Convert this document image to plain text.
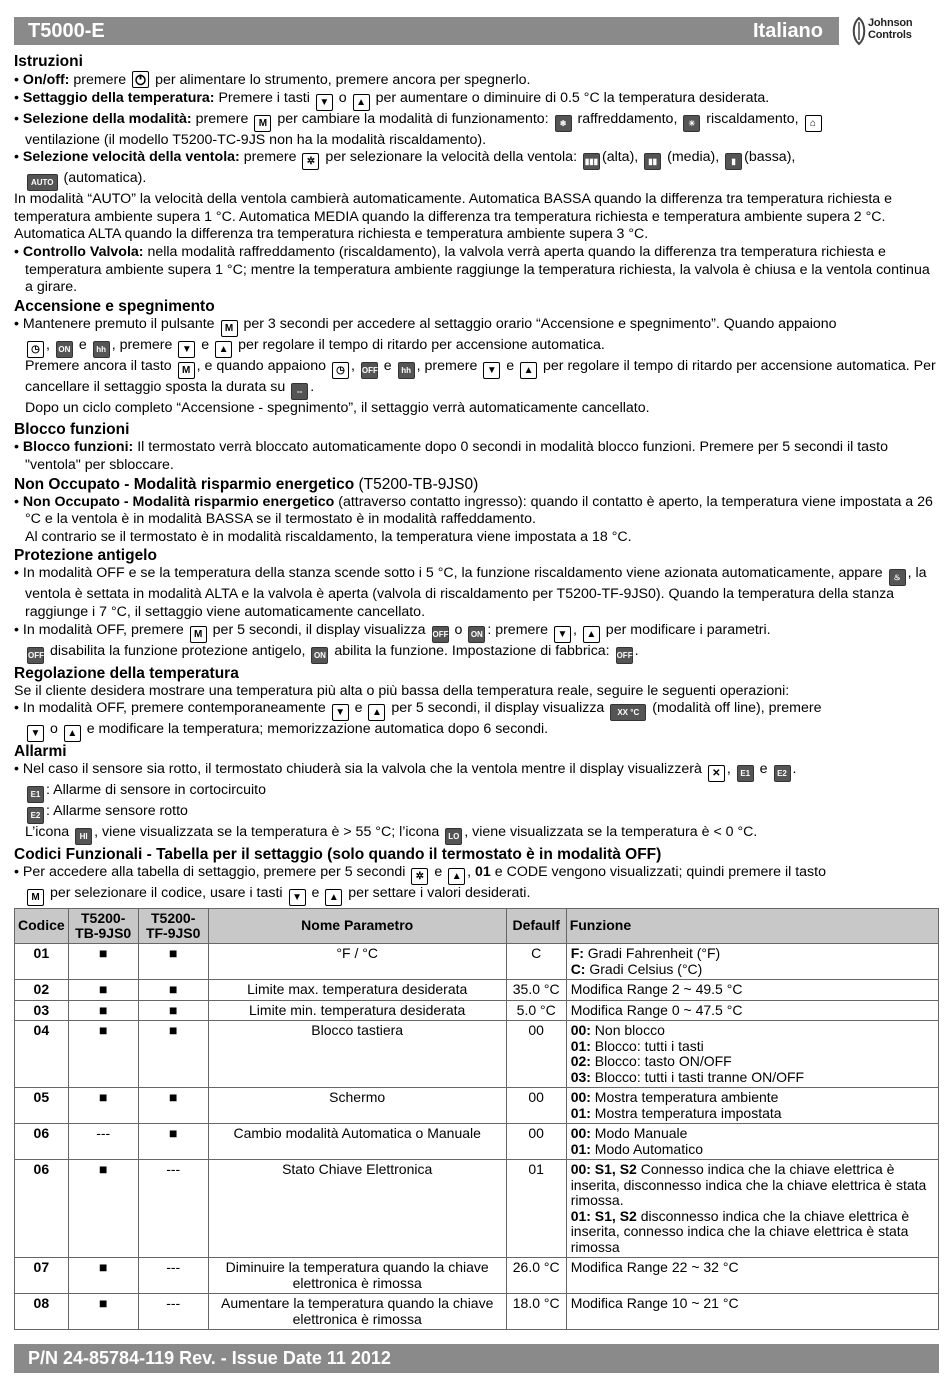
T5000-E	Italiano	Johnson
Controls
Istruzioni

• On/off: premere  per alimentare lo strumento, premere ancora per spegnerlo.

• Settaggio della temperatura: Premere i tasti ▼ o ▲ per aumentare o diminuire di 0.5 °C la temperatura desiderata.

• Selezione della modalità: premere M per cambiare la modalità di funzionamento: ❄ raffreddamento, ☀ riscaldamento, ⌂
ventilazione (il modello T5200-TC-9JS non ha la modalità riscaldamento).

• Selezione velocità della ventola: premere ✲ per selezionare la velocità della ventola: ▮▮▮ (alta), ▮▮ (media), ▮ (bassa),
AUTO (automatica).

In modalità “AUTO” la velocità della ventola cambierà automaticamente. Automatica BASSA quando la differenza tra temperatura richiesta e temperatura ambiente supera 1 °C. Automatica MEDIA quando la differenza tra temperatura richiesta e temperatura ambiente supera 2 °C. Automatica ALTA quando la differenza tra temperatura richiesta e temperatura ambiente supera 3 °C.

• Controllo Valvola: nella modalità raffreddamento (riscaldamento), la valvola verrà aperta quando la differenza tra temperatura richiesta e temperatura ambiente supera 1 °C; mentre la temperatura ambiente raggiunge la temperatura richiesta, la valvola è chiusa e la ventola continua a girare.

Accensione e spegnimento

• Mantenere premuto il pulsante M per 3 secondi per accedere al settaggio orario “Accensione e spegnimento”. Quando appaiono
◷ , ON e hh , premere ▼ e ▲ per regolare il tempo di ritardo per accensione automatica.

Premere ancora il tasto M , e quando appaiono ◷ , OFF e hh , premere ▼ e ▲ per regolare il tempo di ritardo per accensione automatica. Per cancellare il settaggio sposta la durata su -- .

Dopo un ciclo completo “Accensione - spegnimento”, il settaggio verrà automaticamente cancellato.

Blocco funzioni

• Blocco funzioni: Il termostato verrà bloccato automaticamente dopo 0 secondi in modalità blocco funzioni. Premere per 5 secondi il tasto "ventola" per sbloccare.

Non Occupato - Modalità risparmio energetico (T5200-TB-9JS0)

• Non Occupato - Modalità risparmio energetico (attraverso contatto ingresso): quando il contatto è aperto, la temperatura viene impostata a 26 °C e la ventola è in modalità BASSA se il termostato è in modalità raffeddamento.

Al contrario se il termostato è in modalità riscaldamento, la temperatura viene impostata a 18 °C.

Protezione antigelo

• In modalità OFF e se la temperatura della stanza scende sotto i 5 °C, la funzione riscaldamento viene azionata automaticamente, appare ♨ , la ventola è settata in modalità ALTA e la valvola è aperta (valvola di riscaldamento per T5200-TF-9JS0). Quando la temperatura della stanza raggiunge i 7 °C, il settaggio viene automaticamente cancellato.

• In modalità OFF, premere M per 5 secondi, il display visualizza OFF o ON : premere ▼ , ▲ per modificare i parametri.
OFF disabilita la funzione protezione antigelo, ON abilita la funzione. Impostazione di fabbrica: OFF .

Regolazione della temperatura

Se il cliente desidera mostrare una temperatura più alta o più bassa della temperatura reale, seguire le seguenti operazioni:

• In modalità OFF, premere contemporaneamente ▼ e ▲ per 5 secondi, il display visualizza XX °C (modalità off line), premere
▼ o ▲ e modificare la temperatura; memorizzazione automatica dopo 6 secondi.

Allarmi

• Nel caso il sensore sia rotto, il termostato chiuderà sia la valvola che la ventola mentre il display visualizzerà ✕ , E1 e E2 .

E1 : Allarme di sensore in cortocircuito

E2 : Allarme sensore rotto

L’icona HI , viene visualizzata se la temperatura è > 55 °C; l’icona LO , viene visualizzata se la temperatura è < 0 °C.

Codici Funzionali - Tabella per il settaggio (solo quando il termostato è in modalità OFF)

• Per accedere alla tabella di settaggio, premere per 5 secondi ✲ e ▲ , 01 e CODE vengono visualizzati; quindi premere il tasto
M per selezionare il codice, usare i tasti ▼ e ▲ per settare i valori desiderati.

Codice	T5200-TB-9JS0	T5200-TF-9JS0	Nome Parametro	Defaulf	Funzione
01	■	■	°F / °C	C	F: Gradi Fahrenheit (°F)
C: Gradi Celsius (°C)

02	■	■	Limite max. temperatura desiderata	35.0 °C	Modifica Range 2 ~ 49.5 °C

03	■	■	Limite min. temperatura desiderata	5.0 °C	Modifica Range 0 ~ 47.5 °C

04	■	■	Blocco tastiera	00	00: Non blocco
01: Blocco: tutti i tasti
02: Blocco: tasto ON/OFF
03: Blocco: tutti i tasti tranne ON/OFF

05	■	■	Schermo	00	00: Mostra temperatura ambiente
01: Mostra temperatura impostata

06	---	■	Cambio modalità Automatica o Manuale	00	00: Modo Manuale
01: Modo Automatico

06	■	---	Stato Chiave Elettronica	01	00: S1, S2 Connesso indica che la chiave elettrica è inserita, disconnesso indica che la chiave elettrica è stata rimossa.
01: S1, S2 disconnesso indica che la chiave elettrica è inserita, connesso indica che la chiave elettrica è stata rimossa

07	■	---	Diminuire la temperatura quando la chiave elettronica è rimossa	26.0 °C	Modifica Range 22 ~ 32 °C

08	■	---	Aumentare la temperatura quando la chiave elettronica è rimossa	18.0 °C	Modifica Range 10 ~ 21 °C
P/N 24-85784-119 Rev. - Issue Date 11 2012
